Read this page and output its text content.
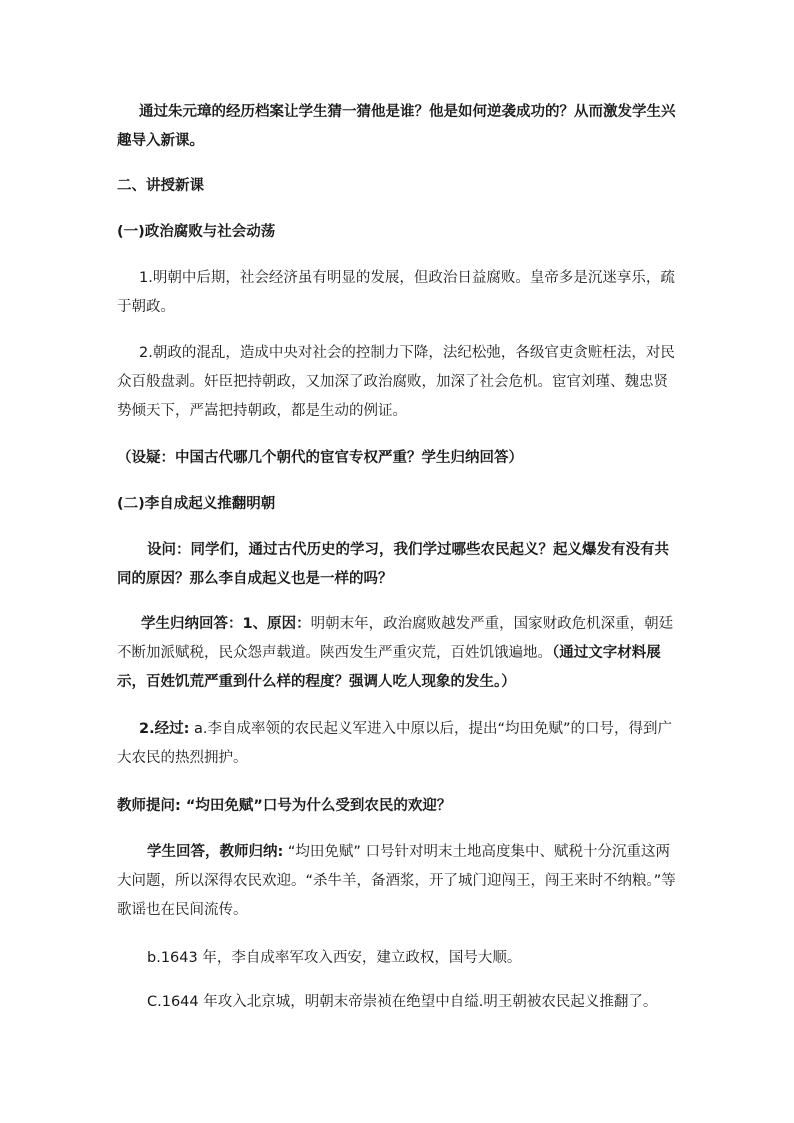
通过朱元璋的经历档案让学生猜一猜他是谁？他是如何逆袭成功的？从而激发学生兴趣导入新课。

二、讲授新课

(一)政治腐败与社会动荡

1.明朝中后期，社会经济虽有明显的发展，但政治日益腐败。皇帝多是沉迷享乐，疏于朝政。

2.朝政的混乱，造成中央对社会的控制力下降，法纪松弛，各级官吏贪赃枉法，对民众百般盘剥。奸臣把持朝政，又加深了政治腐败，加深了社会危机。宦官刘瑾、魏忠贤势倾天下，严嵩把持朝政，都是生动的例证。

（设疑：中国古代哪几个朝代的宦官专权严重？学生归纳回答）

(二)李自成起义推翻明朝

设问：同学们，通过古代历史的学习，我们学过哪些农民起义？起义爆发有没有共同的原因？那么李自成起义也是一样的吗？

学生归纳回答：1、原因：明朝末年，政治腐败越发严重，国家财政危机深重，朝廷不断加派赋税，民众怨声载道。陕西发生严重灾荒，百姓饥饿遍地。（通过文字材料展示，百姓饥荒严重到什么样的程度？强调人吃人现象的发生。）

2.经过: a.李自成率领的农民起义军进入中原以后，提出“均田免赋”的口号，得到广大农民的热烈拥护。

教师提问: “均田免赋”口号为什么受到农民的欢迎？

学生回答，教师归纳: “均田免赋” 口号针对明末土地高度集中、赋税十分沉重这两大问题，所以深得农民欢迎。“杀牛羊，备酒浆，开了城门迎闯王，闯王来时不纳粮。”等歌谣也在民间流传。

b.1643 年，李自成率军攻入西安，建立政权，国号大顺。

C.1644 年攻入北京城，明朝末帝崇祯在绝望中自缢.明王朝被农民起义推翻了。
